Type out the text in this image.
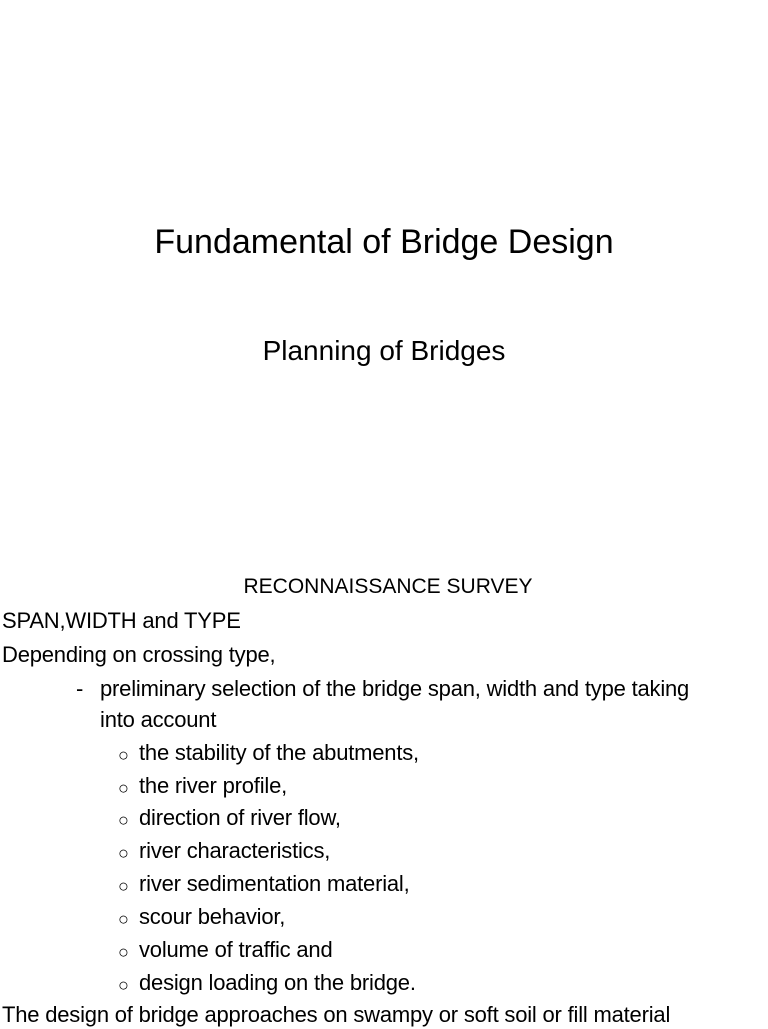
Fundamental of Bridge Design
Planning of Bridges
RECONNAISSANCE SURVEY
SPAN,WIDTH and TYPE
Depending on crossing type,
- preliminary selection of the bridge span, width and type taking
into account
○ the stability of the abutments,
○ the river profile,
○ direction of river flow,
○ river characteristics,
○ river sedimentation material,
○ scour behavior,
○ volume of traffic and
○ design loading on the bridge.
The design of bridge approaches on swampy or soft soil or fill material
